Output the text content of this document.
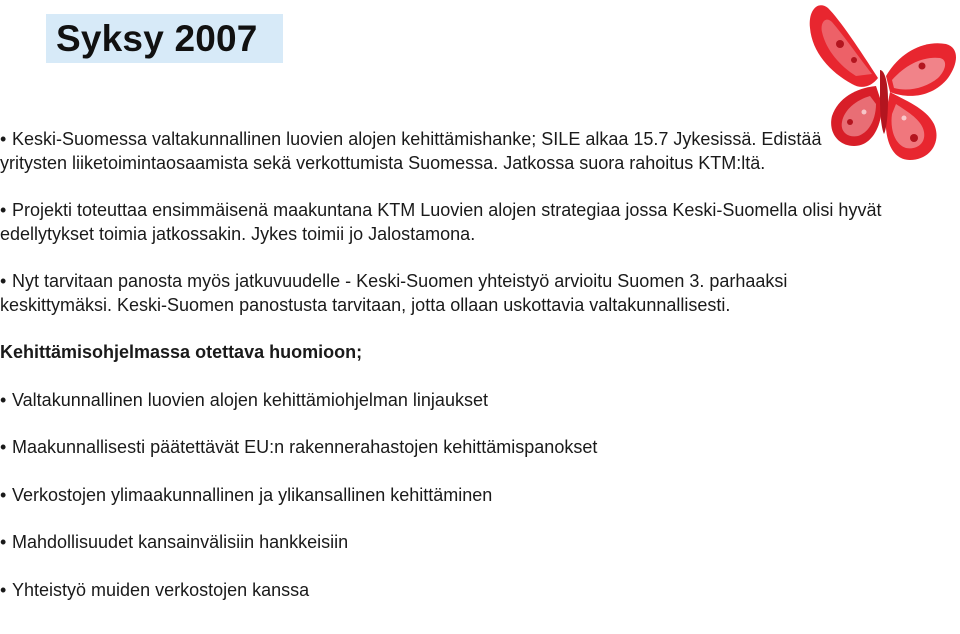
Syksy 2007

• Keski-Suomessa valtakunnallinen luovien alojen kehittämishanke; SILE alkaa 15.7 Jykesissä. Edistää yritysten liiketoimintaosaamista sekä verkottumista Suomessa. Jatkossa suora rahoitus KTM:ltä.

• Projekti toteuttaa ensimmäisenä maakuntana KTM Luovien alojen strategiaa jossa Keski-Suomella olisi hyvät edellytykset toimia jatkossakin. Jykes toimii jo Jalostamona.

• Nyt tarvitaan panosta myös jatkuvuudelle - Keski-Suomen yhteistyö arvioitu Suomen 3. parhaaksi keskittymäksi. Keski-Suomen panostusta tarvitaan, jotta ollaan uskottavia valtakunnallisesti.

Kehittämisohjelmassa otettava huomioon;

• Valtakunnallinen luovien alojen kehittämiohjelman linjaukset

• Maakunnallisesti päätettävät EU:n rakennerahastojen kehittämispanokset

• Verkostojen ylimaakunnallinen ja ylikansallinen kehittäminen

• Mahdollisuudet kansainvälisiin hankkeisiin

• Yhteistyö muiden verkostojen kanssa
